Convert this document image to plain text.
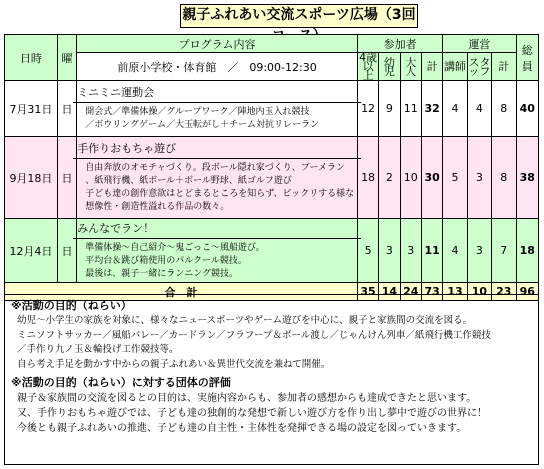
親子ふれあい交流スポーツ広場（3回
日時	曜	プログラム内容	参加者				運営			総員
		前原小学校・体育館　／　09:00-12:30	4歳以上	幼児	大人	計	講師	スタッフ	計	
7月31日	日	ミニミニ運動会
開会式／準備体操／グループワーク／陣地内玉入れ競技
／ボウリングゲーム／大玉転がし＋チーム対抗リレーラン	12	9	11	32	4	4	8	40
9月18日	日	手作りおもちゃ遊び
自由奔放のオモチャづくり。段ボール隠れ家づくり、ブーメラン
、紙飛行機、紙ボール＋ボール野球、紙ゴルフ遊び
子ども達の創作意欲はとどまるところを知らず、ビックリする様な
想像性・創造性溢れる作品の数々。	18	2	10	30	5	3	8	38
12月4日	日	みんなでラン！
準備体操～自己紹介～鬼ごっこ～風船遊び。
平均台＆跳び箱使用のパルクール競技。
最後は、親子一緒にランニング競技。	5	3	3	11	4	3	7	18
合　計			35	14	24	73	13	10	23	96
※活動の目的（ねらい）
幼児～小学生の家族を対象に、様々なニュースポーツやゲーム遊びを中心に、親子と家族間の交流を図る。
ミニソフトサッカー／風船バレー／カードラン／フラフープ＆ボール渡し／じゃんけん列車／紙飛行機工作競技
／手作り九ノ玉＆輪投げ工作競技等。
自ら考え手足を動かす中からの親子ふれあい＆異世代交流を兼ねて開催。
※活動の目的（ねらい）に対する団体の評価
親子＆家族間の交流を図るとの目的は、実施内容からも、参加者の感想からも達成できたと思います。
又、手作りおもちゃ遊びでは、子ども達の独創的な発想で新しい遊び方を作り出し夢中で遊びの世界に！
今後とも親子ふれあいの推進、子ども達の自主性・主体性を発揮できる場の設定を図っていきます。
